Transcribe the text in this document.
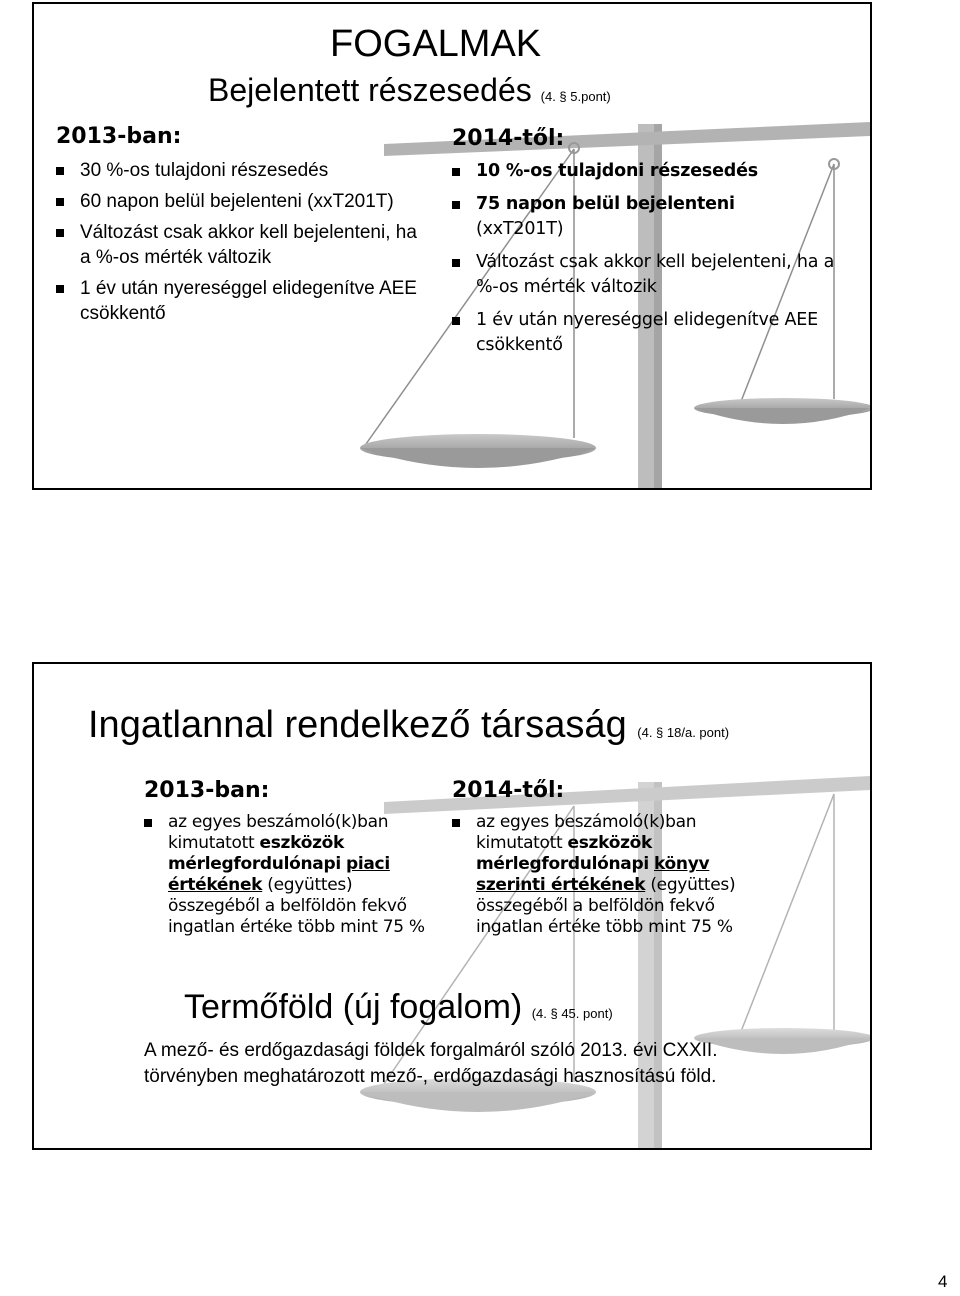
FOGALMAK
Bejelentett részesedés (4. § 5.pont)
2013-ban:
30 %-os tulajdoni részesedés
60 napon belül bejelenteni (xxT201T)
Változást csak akkor kell bejelenteni, ha a %-os mérték változik
1 év után nyereséggel elidegenítve AEE csökkentő
2014-től:
10 %-os tulajdoni részesedés
75 napon belül bejelenteni
(xxT201T)
Változást csak akkor kell bejelenteni, ha a %-os mérték változik
1 év után nyereséggel elidegenítve AEE csökkentő
Ingatlannal rendelkező társaság (4. § 18/a. pont)
2013-ban:
az egyes beszámoló(k)ban kimutatott eszközök mérlegfordulónapi piaci értékének (együttes) összegéből a belföldön fekvő ingatlan értéke több mint 75 %
2014-től:
az egyes beszámoló(k)ban kimutatott eszközök mérlegfordulónapi könyv szerinti értékének (együttes) összegéből a belföldön fekvő ingatlan értéke több mint 75 %
Termőföld (új fogalom) (4. § 45. pont)
A mező- és erdőgazdasági földek forgalmáról szóló 2013. évi CXXII. törvényben meghatározott mező-, erdőgazdasági hasznosítású föld.
4
